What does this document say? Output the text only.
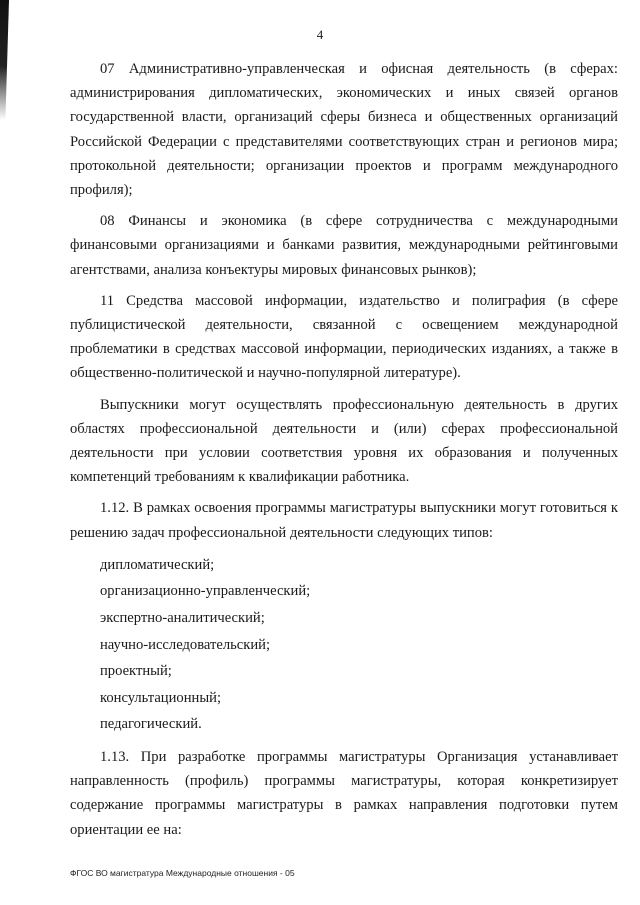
4

07 Административно-управленческая и офисная деятельность (в сферах: администрирования дипломатических, экономических и иных связей органов государственной власти, организаций сферы бизнеса и общественных организаций Российской Федерации с представителями соответствующих стран и регионов мира; протокольной деятельности; организации проектов и программ международного профиля);

08 Финансы и экономика (в сфере сотрудничества с международными финансовыми организациями и банками развития, международными рейтинговыми агентствами, анализа конъектуры мировых финансовых рынков);

11 Средства массовой информации, издательство и полиграфия (в сфере публицистической деятельности, связанной с освещением международной проблематики в средствах массовой информации, периодических изданиях, а также в общественно-политической и научно-популярной литературе).

Выпускники могут осуществлять профессиональную деятельность в других областях профессиональной деятельности и (или) сферах профессиональной деятельности при условии соответствия уровня их образования и полученных компетенций требованиям к квалификации работника.

1.12. В рамках освоения программы магистратуры выпускники могут готовиться к решению задач профессиональной деятельности следующих типов:

дипломатический;
организационно-управленческий;
экспертно-аналитический;
научно-исследовательский;
проектный;
консультационный;
педагогический.

1.13. При разработке программы магистратуры Организация устанавливает направленность (профиль) программы магистратуры, которая конкретизирует содержание программы магистратуры в рамках направления подготовки путем ориентации ее на:

ФГОС ВО магистратура Международные отношения - 05
